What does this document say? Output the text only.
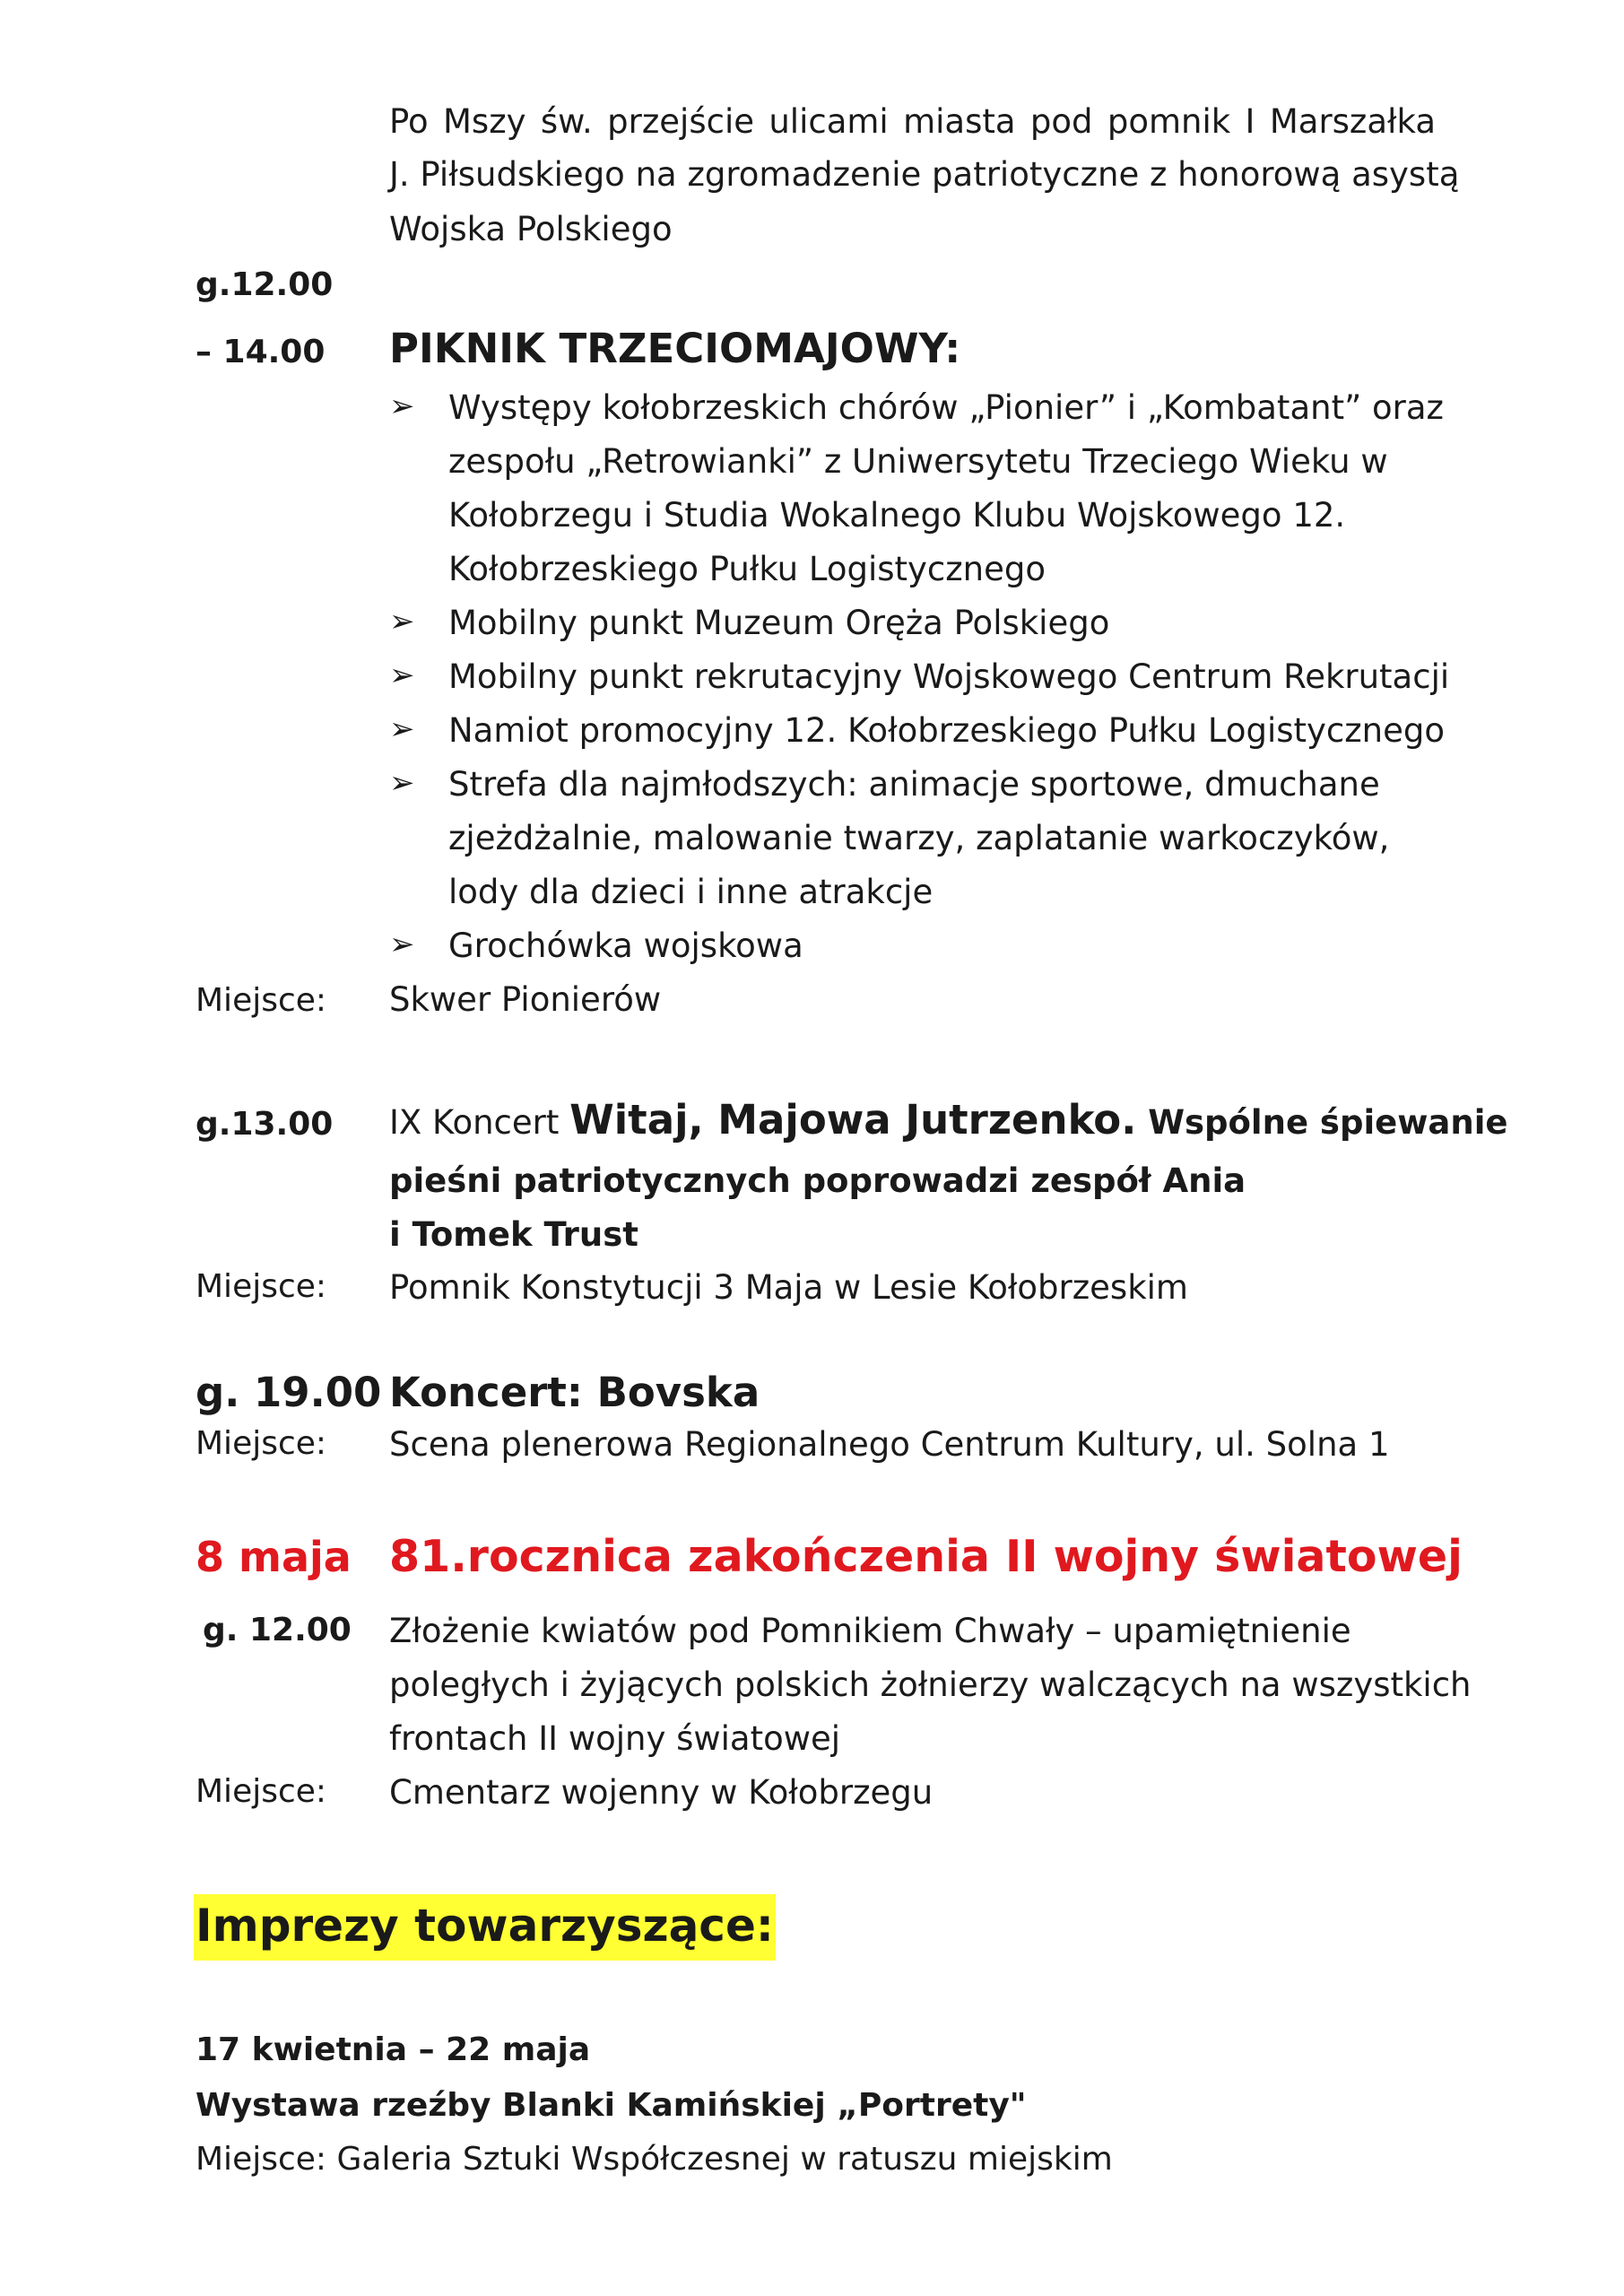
Po Mszy św. przejście ulicami miasta pod pomnik I Marszałka
J. Piłsudskiego na zgromadzenie patriotyczne z honorową asystą
Wojska Polskiego
g.12.00
– 14.00 PIKNIK TRZECIOMAJOWY:
➢ Występy kołobrzeskich chórów „Pionier” i „Kombatant” oraz
zespołu „Retrowianki” z Uniwersytetu Trzeciego Wieku w
Kołobrzegu i Studia Wokalnego Klubu Wojskowego 12.
Kołobrzeskiego Pułku Logistycznego
➢ Mobilny punkt Muzeum Oręża Polskiego
➢ Mobilny punkt rekrutacyjny Wojskowego Centrum Rekrutacji
➢ Namiot promocyjny 12. Kołobrzeskiego Pułku Logistycznego
➢ Strefa dla najmłodszych: animacje sportowe, dmuchane
zjeżdżalnie, malowanie twarzy, zaplatanie warkoczyków,
lody dla dzieci i inne atrakcje
➢ Grochówka wojskowa
Miejsce: Skwer Pionierów
g.13.00 IX Koncert Witaj, Majowa Jutrzenko. Wspólne śpiewanie
pieśni patriotycznych poprowadzi zespół Ania
i Tomek Trust
Miejsce: Pomnik Konstytucji 3 Maja w Lesie Kołobrzeskim
g. 19.00 Koncert: Bovska
Miejsce: Scena plenerowa Regionalnego Centrum Kultury, ul. Solna 1
8 maja 81.rocznica zakończenia II wojny światowej
g. 12.00 Złożenie kwiatów pod Pomnikiem Chwały – upamiętnienie
poległych i żyjących polskich żołnierzy walczących na wszystkich
frontach II wojny światowej
Miejsce: Cmentarz wojenny w Kołobrzegu
Imprezy towarzyszące:
17 kwietnia – 22 maja
Wystawa rzeźby Blanki Kamińskiej „Portrety"
Miejsce: Galeria Sztuki Współczesnej w ratuszu miejskim
